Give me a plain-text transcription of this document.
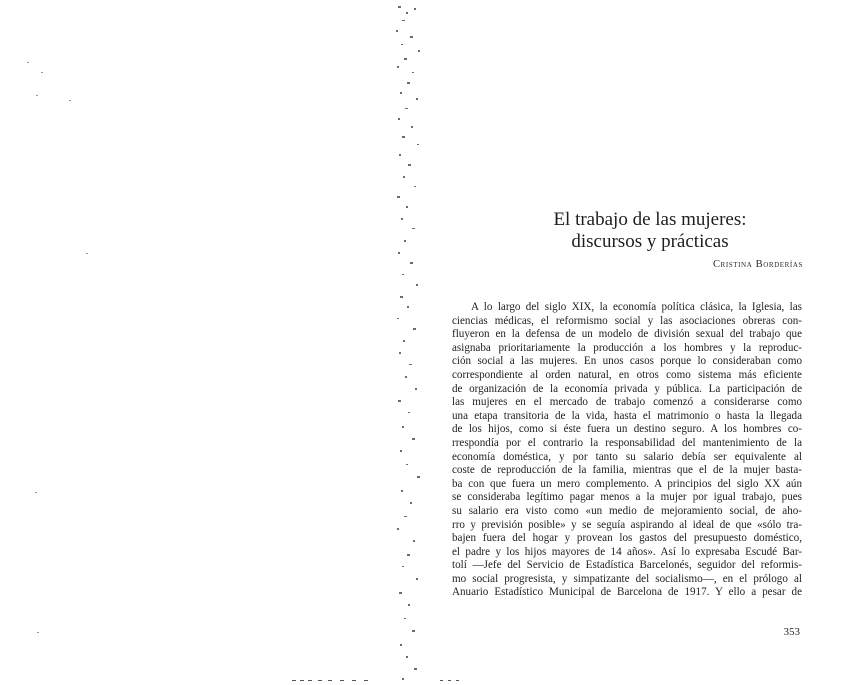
El trabajo de las mujeres:
discursos y prácticas
Cristina Borderías
A lo largo del siglo XIX, la economía política clásica, la Iglesia, las
ciencias médicas, el reformismo social y las asociaciones obreras con-
fluyeron en la defensa de un modelo de división sexual del trabajo que
asignaba prioritariamente la producción a los hombres y la reproduc-
ción social a las mujeres. En unos casos porque lo consideraban como
correspondiente al orden natural, en otros como sistema más eficiente
de organización de la economía privada y pública. La participación de
las mujeres en el mercado de trabajo comenzó a considerarse como
una etapa transitoria de la vida, hasta el matrimonio o hasta la llegada
de los hijos, como si éste fuera un destino seguro. A los hombres co-
rrespondía por el contrario la responsabilidad del mantenimiento de la
economía doméstica, y por tanto su salario debía ser equivalente al
coste de reproducción de la familia, mientras que el de la mujer basta-
ba con que fuera un mero complemento. A principios del siglo XX aún
se consideraba legítimo pagar menos a la mujer por igual trabajo, pues
su salario era visto como «un medio de mejoramiento social, de aho-
rro y previsión posible» y se seguía aspirando al ideal de que «sólo tra-
bajen fuera del hogar y provean los gastos del presupuesto doméstico,
el padre y los hijos mayores de 14 años». Así lo expresaba Escudé Bar-
tolí —Jefe del Servicio de Estadística Barcelonés, seguidor del reformis-
mo social progresista, y simpatizante del socialismo—, en el prólogo al
Anuario Estadístico Municipal de Barcelona de 1917. Y ello a pesar de
353
